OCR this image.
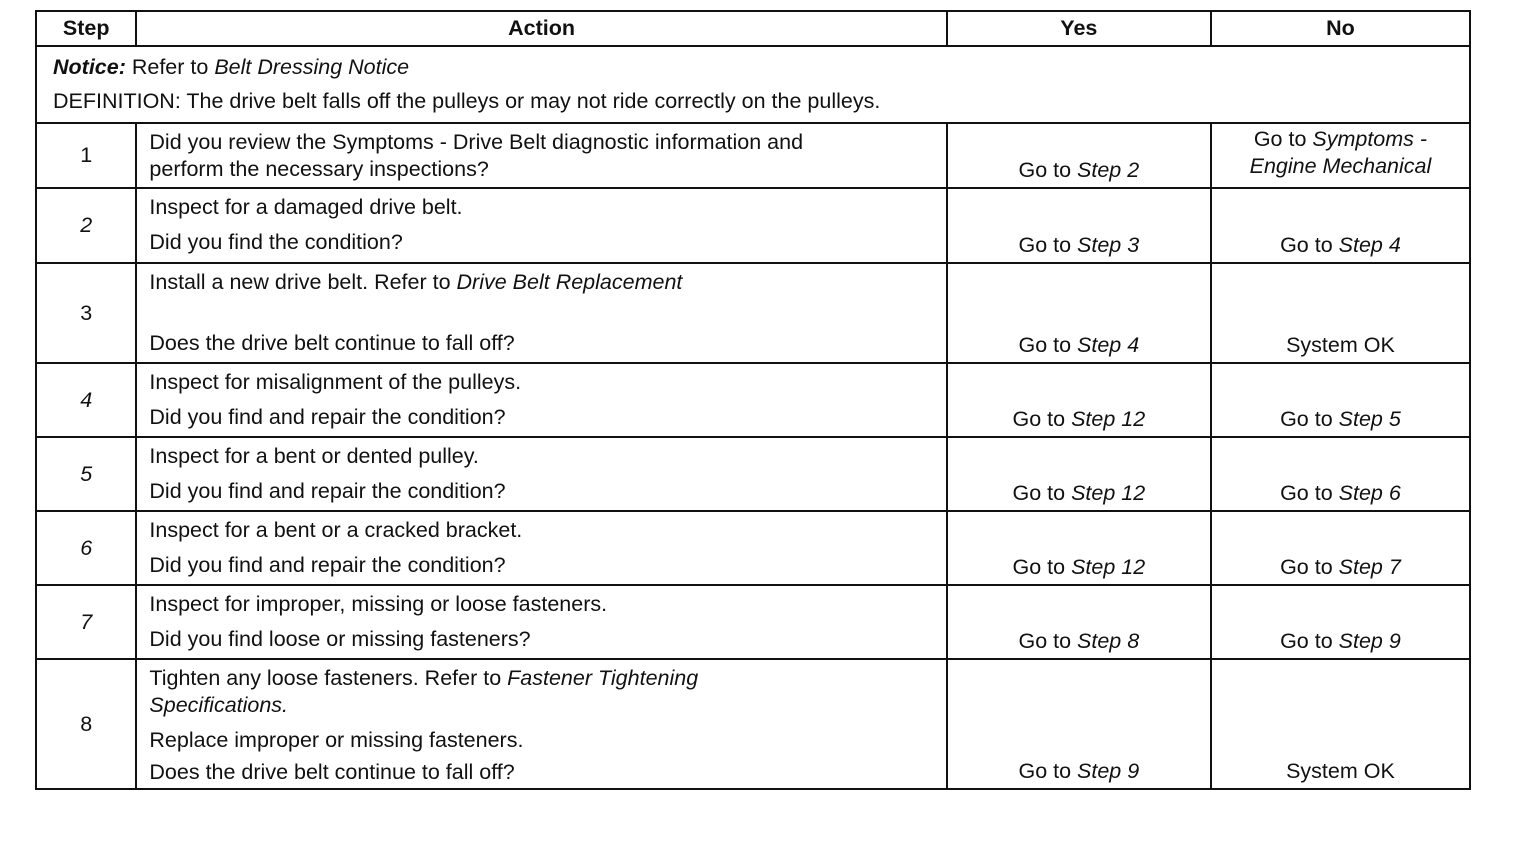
Step	Action	Yes	No

Notice: Refer to Belt Dressing Notice
DEFINITION: The drive belt falls off the pulleys or may not ride correctly on the pulleys.			

1	Did you review the Symptoms - Drive Belt diagnostic information and
perform the necessary inspections?	Go to Step 2	Go to Symptoms -
Engine Mechanical

2	Inspect for a damaged drive belt.
Did you find the condition?	Go to Step 3	Go to Step 4
3	Install a new drive belt. Refer to Drive Belt Replacement
Does the drive belt continue to fall off?	Go to Step 4	System OK
4	Inspect for misalignment of the pulleys.
Did you find and repair the condition?	Go to Step 12	Go to Step 5
5	Inspect for a bent or dented pulley.
Did you find and repair the condition?	Go to Step 12	Go to Step 6
6	Inspect for a bent or a cracked bracket.
Did you find and repair the condition?	Go to Step 12	Go to Step 7
7	Inspect for improper, missing or loose fasteners.
Did you find loose or missing fasteners?	Go to Step 8	Go to Step 9
8	Tighten any loose fasteners. Refer to Fastener Tightening
Specifications.
Replace improper or missing fasteners.
Does the drive belt continue to fall off?	Go to Step 9	System OK
